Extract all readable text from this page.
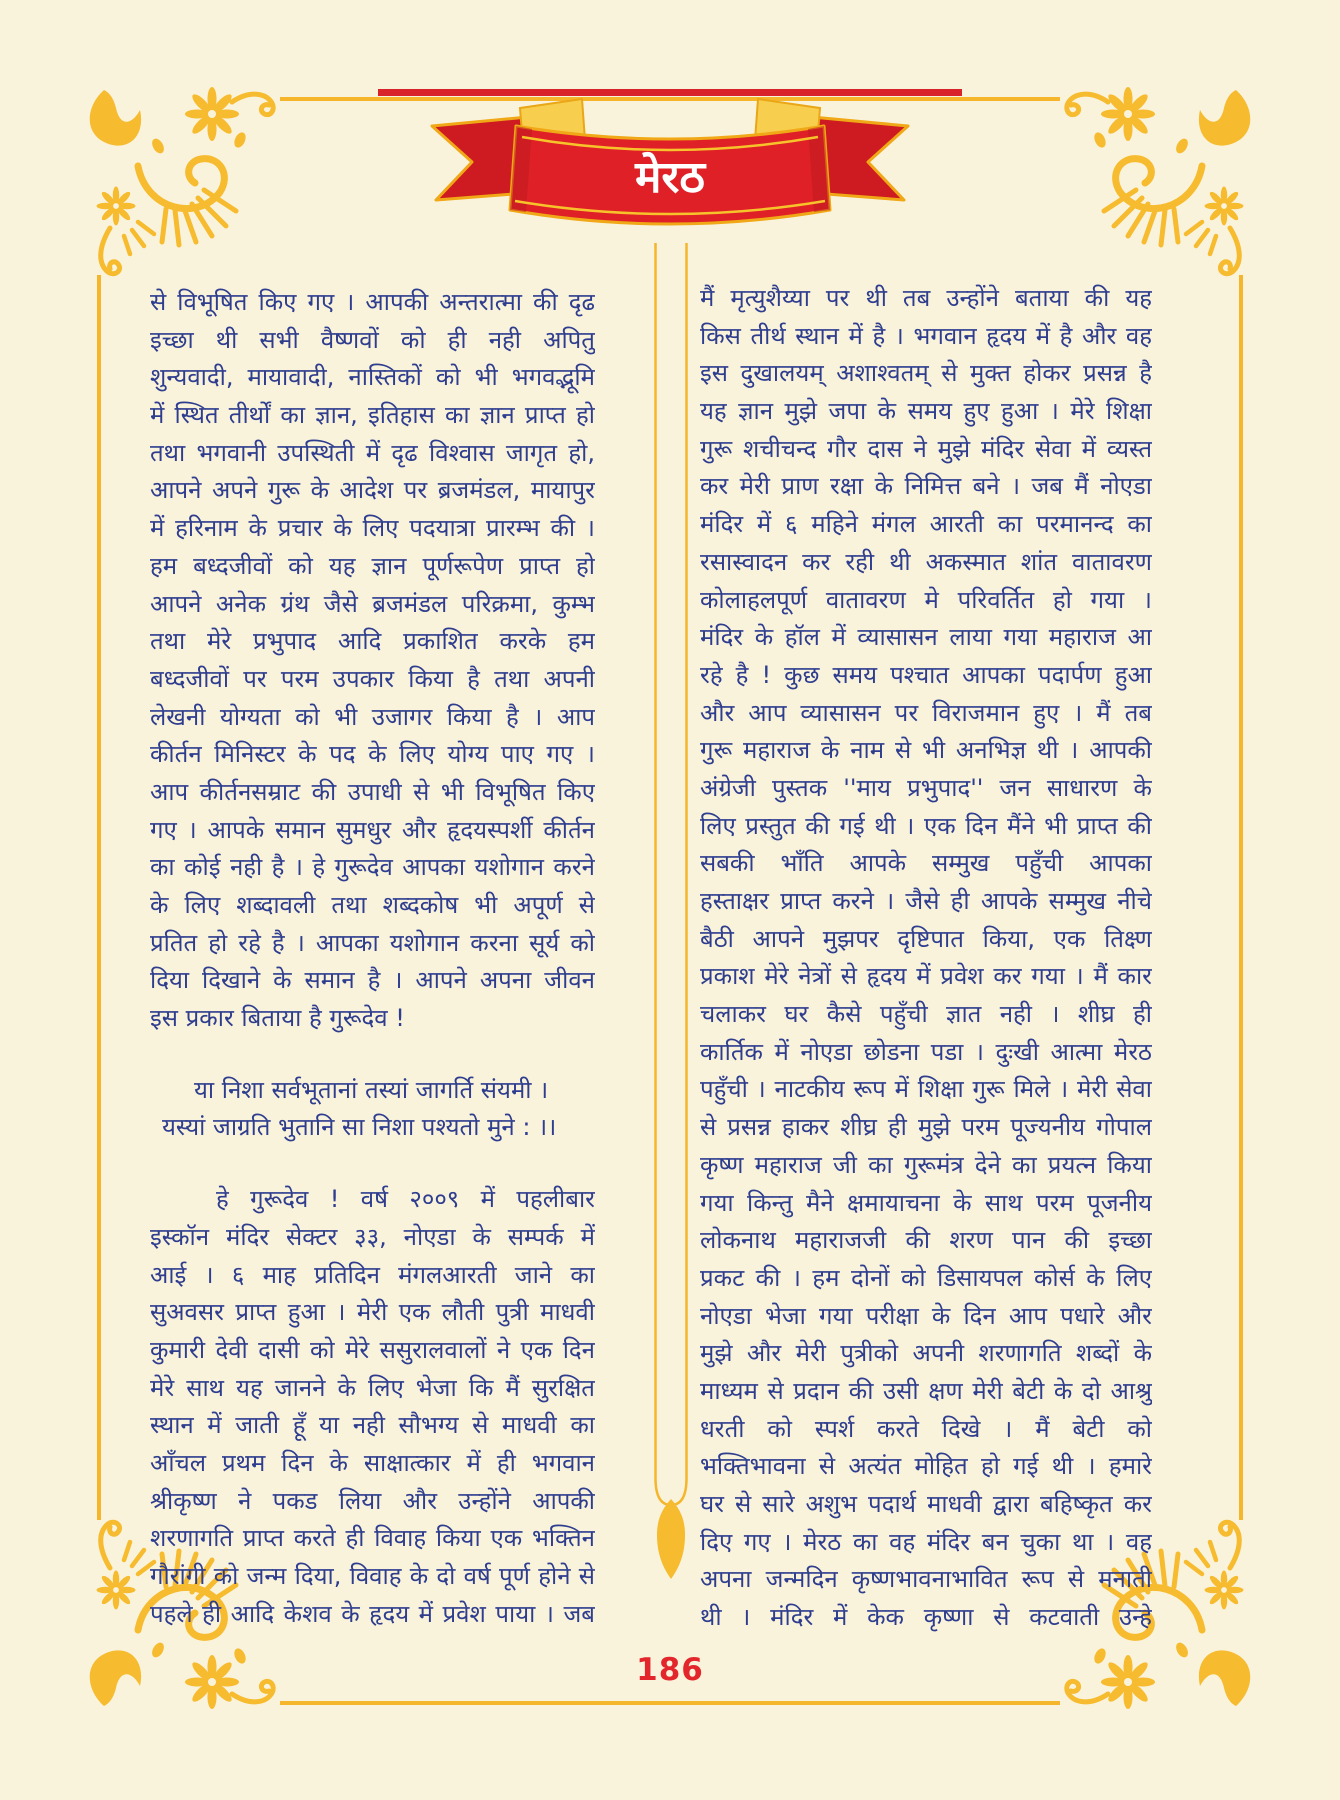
मेरठ
से विभूषित किए गए । आपकी अन्तरात्मा की दृढ
इच्छा थी सभी वैष्णवों को ही नही अपितु
शुन्यवादी, मायावादी, नास्तिकों को भी भगवद्भूमि
में स्थित तीर्थों का ज्ञान, इतिहास का ज्ञान प्राप्त हो
तथा भगवानी उपस्थिती में दृढ विश्वास जागृत हो,
आपने अपने गुरू के आदेश पर ब्रजमंडल, मायापुर
में हरिनाम के प्रचार के लिए पदयात्रा प्रारम्भ की ।
हम बध्दजीवों को यह ज्ञान पूर्णरूपेण प्राप्त हो
आपने अनेक ग्रंथ जैसे ब्रजमंडल परिक्रमा, कुम्भ
तथा मेरे प्रभुपाद आदि प्रकाशित करके हम
बध्दजीवों पर परम उपकार किया है तथा अपनी
लेखनी योग्यता को भी उजागर किया है । आप
कीर्तन मिनिस्टर के पद के लिए योग्य पाए गए ।
आप कीर्तनसम्राट की उपाधी से भी विभूषित किए
गए । आपके समान सुमधुर और हृदयस्पर्शी कीर्तन
का कोई नही है । हे गुरूदेव आपका यशोगान करने
के लिए शब्दावली तथा शब्दकोष भी अपूर्ण से
प्रतित हो रहे है । आपका यशोगान करना सूर्य को
दिया दिखाने के समान है । आपने अपना जीवन
इस प्रकार बिताया है गुरूदेव !
या निशा सर्वभूतानां तस्यां जागर्ति संयमी ।
यस्यां जाग्रति भुतानि सा निशा पश्यतो मुने : ।।
हे गुरूदेव ! वर्ष २००९ में पहलीबार
इस्कॉन मंदिर सेक्टर ३३, नोएडा के सम्पर्क में
आई । ६ माह प्रतिदिन मंगलआरती जाने का
सुअवसर प्राप्त हुआ । मेरी एक लौती पुत्री माधवी
कुमारी देवी दासी को मेरे ससुरालवालों ने एक दिन
मेरे साथ यह जानने के लिए भेजा कि मैं सुरक्षित
स्थान में जाती हूँ या नही सौभग्य से माधवी का
आँचल प्रथम दिन के साक्षात्कार में ही भगवान
श्रीकृष्ण ने पकड लिया और उन्होंने आपकी
शरणागति प्राप्त करते ही विवाह किया एक भक्तिन
गौरांगी को जन्म दिया, विवाह के दो वर्ष पूर्ण होने से
पहले ही आदि केशव के हृदय में प्रवेश पाया । जब
मैं मृत्युशैय्या पर थी तब उन्होंने बताया की यह
किस तीर्थ स्थान में है । भगवान हृदय में है और वह
इस दुखालयम् अशाश्वतम् से मुक्त होकर प्रसन्न है
यह ज्ञान मुझे जपा के समय हुए हुआ । मेरे शिक्षा
गुरू शचीचन्द गौर दास ने मुझे मंदिर सेवा में व्यस्त
कर मेरी प्राण रक्षा के निमित्त बने । जब मैं नोएडा
मंदिर में ६ महिने मंगल आरती का परमानन्द का
रसास्वादन कर रही थी अकस्मात शांत वातावरण
कोलाहलपूर्ण वातावरण मे परिवर्तित हो गया ।
मंदिर के हॉल में व्यासासन लाया गया महाराज आ
रहे है ! कुछ समय पश्चात आपका पदार्पण हुआ
और आप व्यासासन पर विराजमान हुए । मैं तब
गुरू महाराज के नाम से भी अनभिज्ञ थी । आपकी
अंग्रेजी पुस्तक ''माय प्रभुपाद'' जन साधारण के
लिए प्रस्तुत की गई थी । एक दिन मैंने भी प्राप्त की
सबकी भाँति आपके सम्मुख पहुँची आपका
हस्ताक्षर प्राप्त करने । जैसे ही आपके सम्मुख नीचे
बैठी आपने मुझपर दृष्टिपात किया, एक तिक्ष्ण
प्रकाश मेरे नेत्रों से हृदय में प्रवेश कर गया । मैं कार
चलाकर घर कैसे पहुँची ज्ञात नही । शीघ्र ही
कार्तिक में नोएडा छोडना पडा । दुःखी आत्मा मेरठ
पहुँची । नाटकीय रूप में शिक्षा गुरू मिले । मेरी सेवा
से प्रसन्न हाकर शीघ्र ही मुझे परम पूज्यनीय गोपाल
कृष्ण महाराज जी का गुरूमंत्र देने का प्रयत्न किया
गया किन्तु मैने क्षमायाचना के साथ परम पूजनीय
लोकनाथ महाराजजी की शरण पान की इच्छा
प्रकट की । हम दोनों को डिसायपल कोर्स के लिए
नोएडा भेजा गया परीक्षा के दिन आप पधारे और
मुझे और मेरी पुत्रीको अपनी शरणागति शब्दों के
माध्यम से प्रदान की उसी क्षण मेरी बेटी के दो आश्रु
धरती को स्पर्श करते दिखे । मैं बेटी को
भक्तिभावना से अत्यंत मोहित हो गई थी । हमारे
घर से सारे अशुभ पदार्थ माधवी द्वारा बहिष्कृत कर
दिए गए । मेरठ का वह मंदिर बन चुका था । वह
अपना जन्मदिन कृष्णभावनाभावित रूप से मनाती
थी । मंदिर में केक कृष्णा से कटवाती उन्हे
186
